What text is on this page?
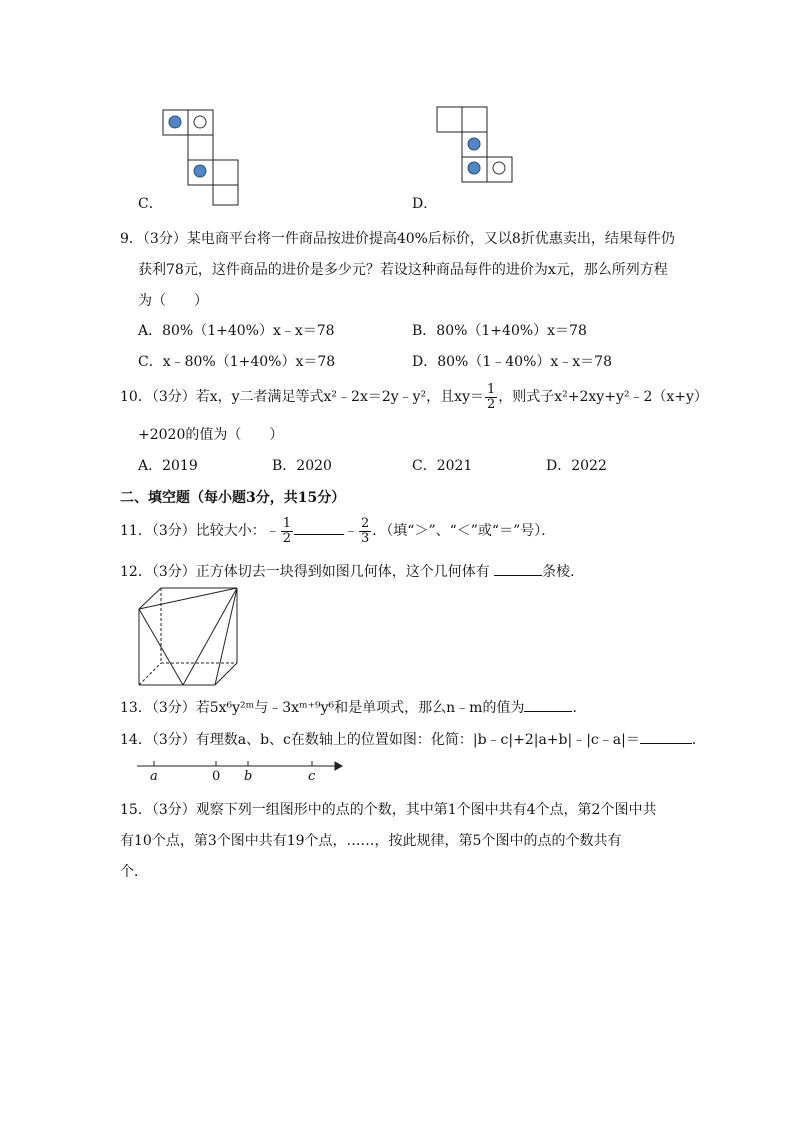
C．	D．
9．（3分）某电商平台将一件商品按进价提高40%后标价，又以8折优惠卖出，结果每件仍
获利78元，这件商品的进价是多少元？若设这种商品每件的进价为x元，那么所列方程
为（　　）
A．80%（1+40%）x﹣x＝78	B．80%（1+40%）x＝78
C．x﹣80%（1+40%）x＝78	D．80%（1﹣40%）x﹣x＝78
10．（3分）若x，y二者满足等式x²﹣2x＝2y﹣y²，且$xy= \frac{1}{2}$ ，则式子x²+2xy+y²﹣2（x+y）
+2020的值为（　　）
A．2019	B．2020	C．2021	D．2022
二、填空题（每小题3分，共15分）
11．（3分）比较大小：﹣ $\frac{1}{2}$	﹣ $\frac{2}{3}$ ．（填“＞”、“＜”或“＝”号）．
12．（3分）正方体切去一块得到如图几何体，这个几何体有	条棱．
13．（3分）若5x⁶y²ᵐ与﹣3xᵐ⁺⁹y⁶和是单项式，那么n﹣m的值为	．
14．（3分）有理数a、b、c在数轴上的位置如图：化简：|b﹣c|+2|a+b|﹣|c﹣a|＝	．
a	0 b	c
15．（3分）观察下列一组图形中的点的个数，其中第1个图中共有4个点，第2个图中共
有10个点，第3个图中共有19个点，……，按此规律，第5个图中的点的个数共有
个．
